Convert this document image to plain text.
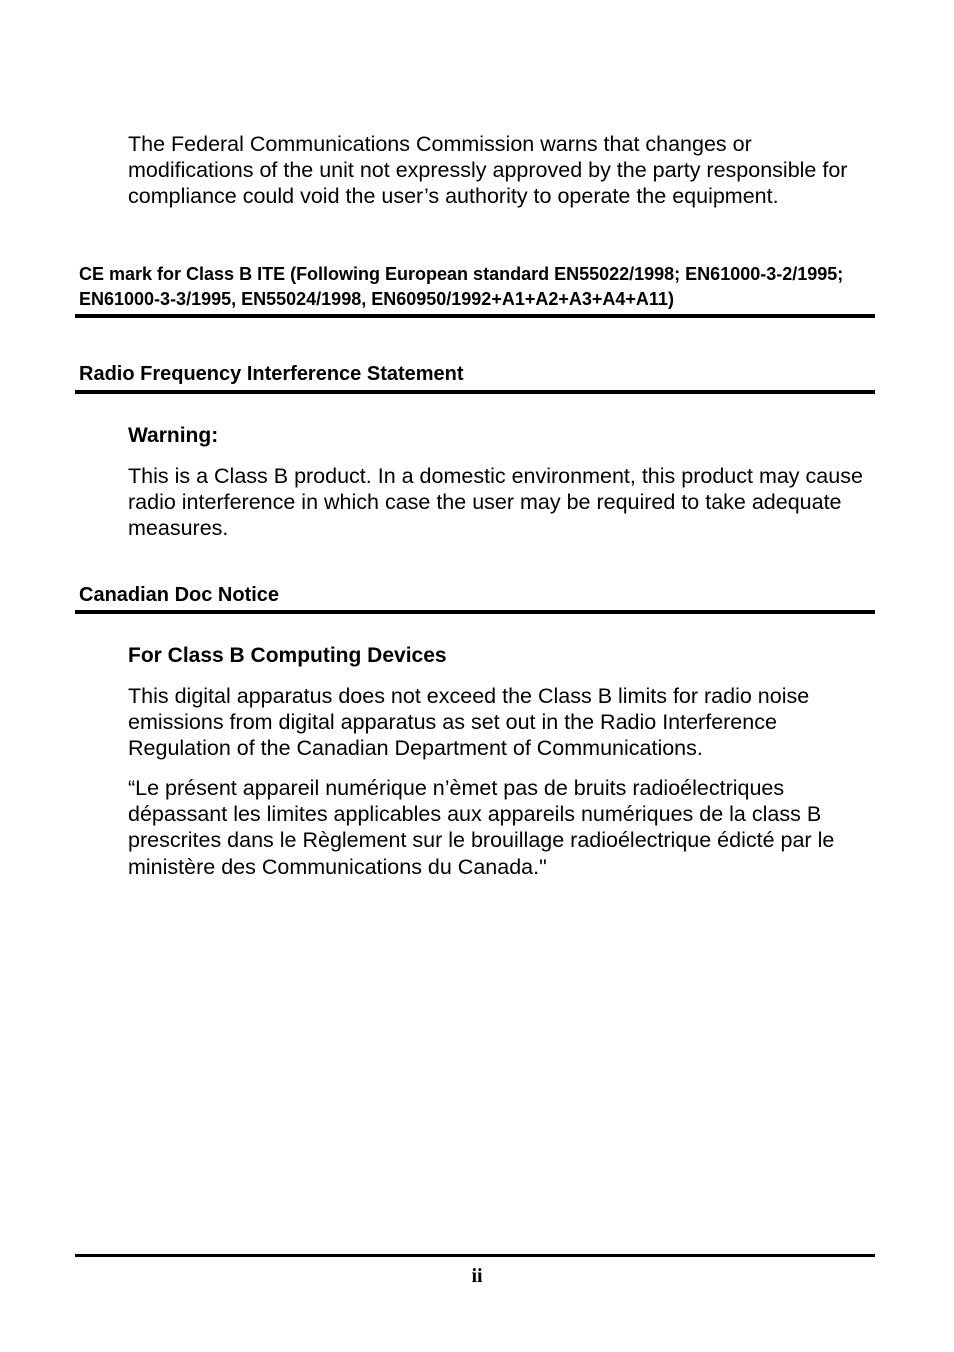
The Federal Communications Commission warns that changes or modifications of the unit not expressly approved by the party responsible for compliance could void the user’s authority to operate the equipment.

CE mark for Class B ITE (Following European standard EN55022/1998; EN61000-3-2/1995; EN61000-3-3/1995, EN55024/1998, EN60950/1992+A1+A2+A3+A4+A11)

Radio Frequency Interference Statement

Warning:

This is a Class B product. In a domestic environment, this product may cause radio interference in which case the user may be required to take adequate measures.

Canadian Doc Notice

For Class B Computing Devices

This digital apparatus does not exceed the Class B limits for radio noise emissions from digital apparatus as set out in the Radio Interference Regulation of the Canadian Department of Communications.

“Le présent appareil numérique n’èmet pas de bruits radioélectriques dépassant les limites applicables aux appareils numériques de la class B prescrites dans le Règlement sur le brouillage radioélectrique édicté par le ministère des Communications du Canada."

ii
